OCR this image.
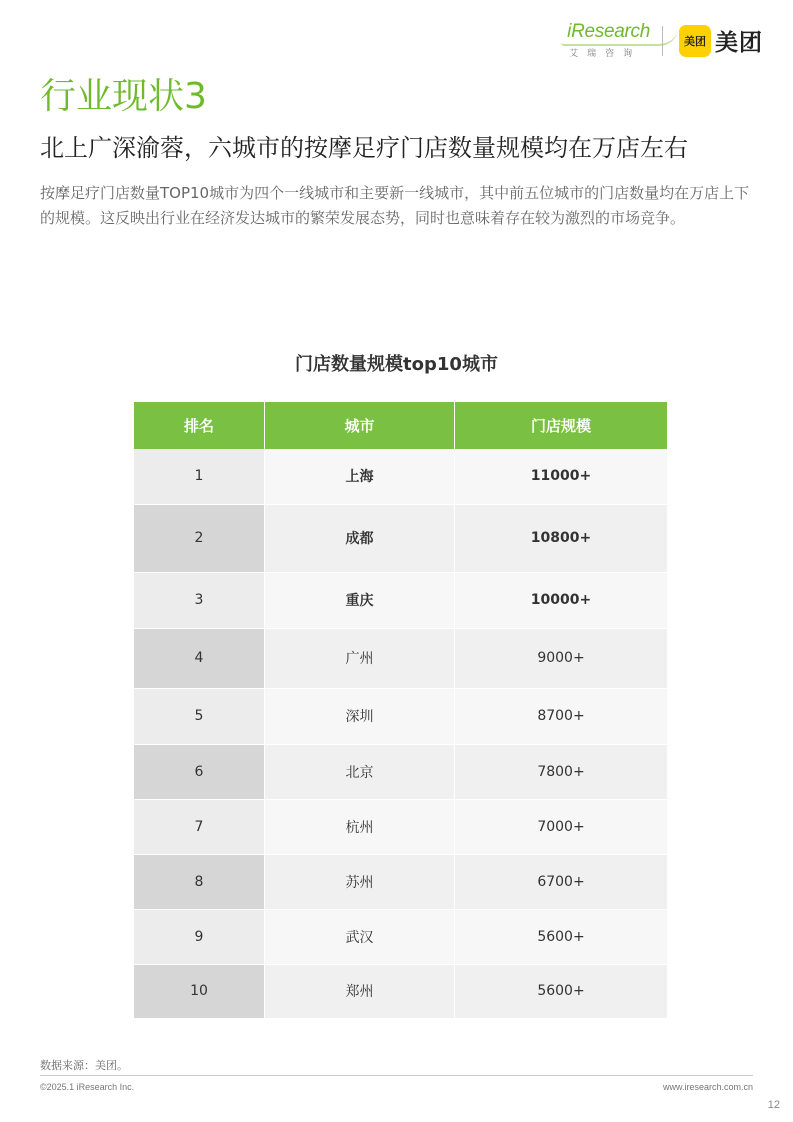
iResearch
艾瑞咨询
美团 美团
行业现状3
北上广深渝蓉，六城市的按摩足疗门店数量规模均在万店左右

按摩足疗门店数量TOP10城市为四个一线城市和主要新一线城市，其中前五位城市的门店数量均在万店上下的规模。这反映出行业在经济发达城市的繁荣发展态势，同时也意味着存在较为激烈的市场竞争。

门店数量规模top10城市
排名	城市	门店规模
1	上海	11000+
2	成都	10800+
3	重庆	10000+
4	广州	9000+
5	深圳	8700+
6	北京	7800+
7	杭州	7000+
8	苏州	6700+
9	武汉	5600+
10	郑州	5600+
数据来源：美团。
©2025.1 iResearch Inc.	www.iresearch.com.cn
12
